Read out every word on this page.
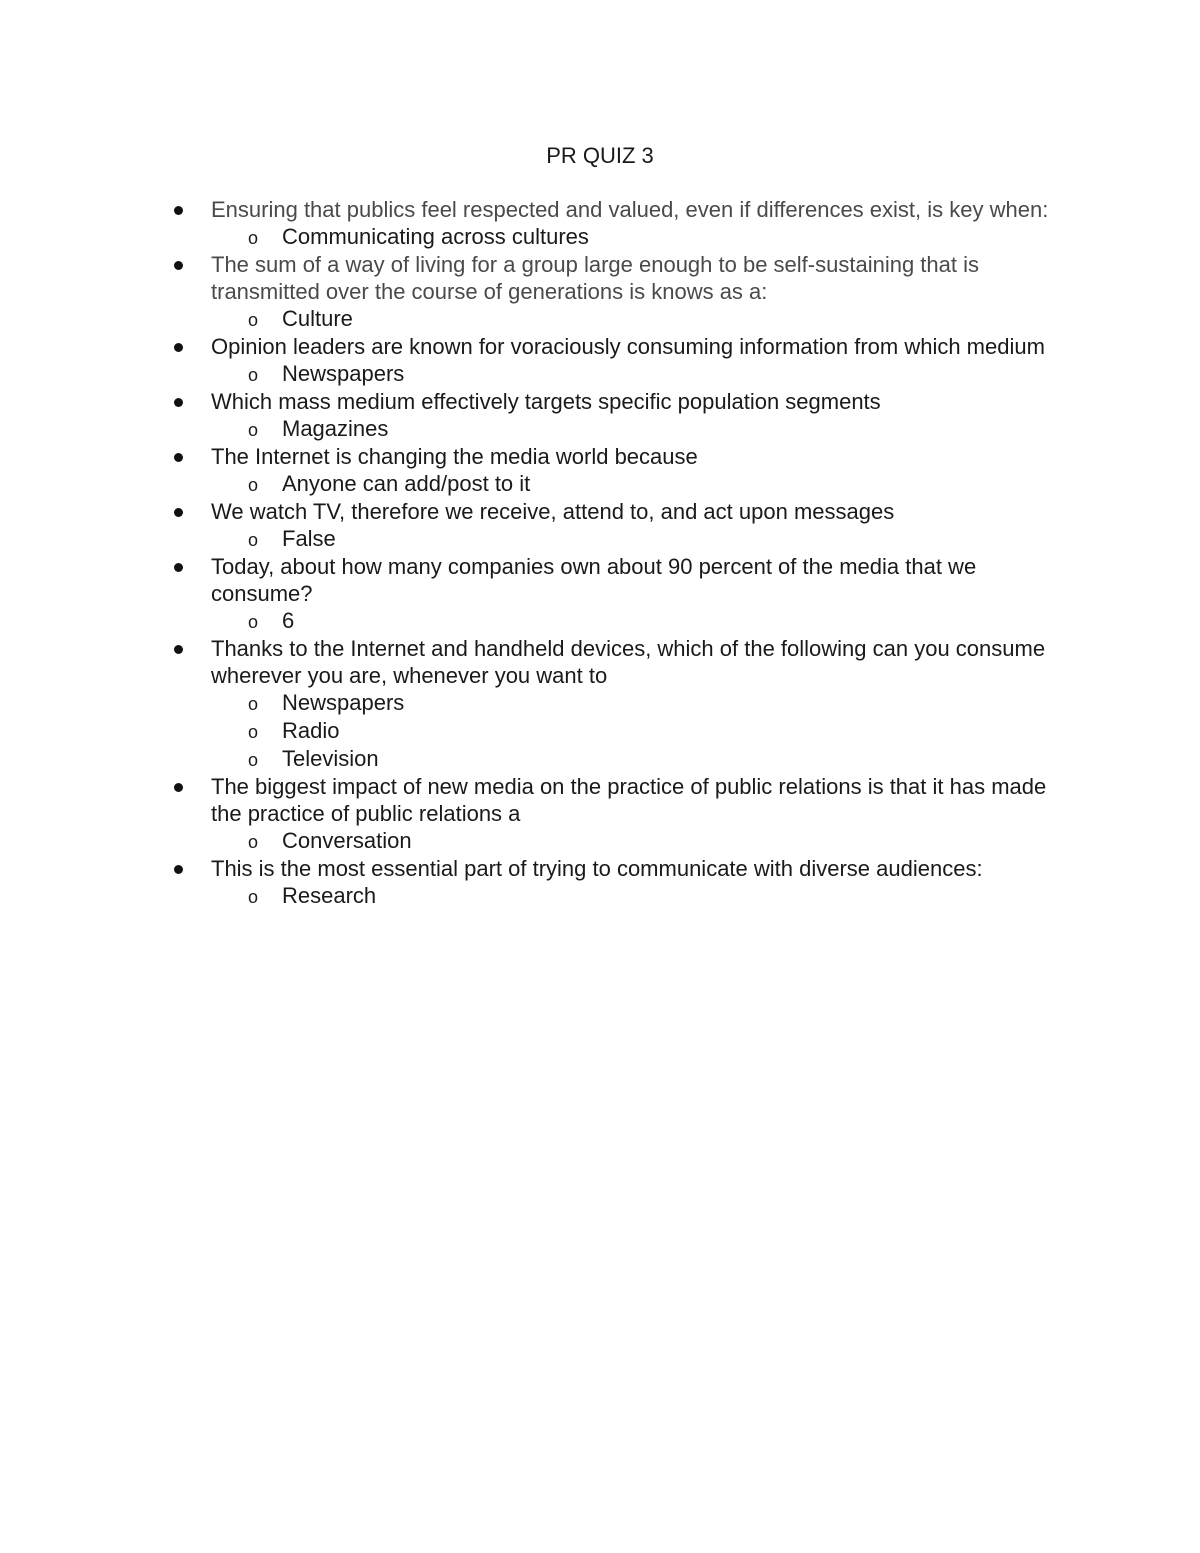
PR QUIZ 3
Ensuring that publics feel respected and valued, even if differences exist, is key when:
o Communicating across cultures
The sum of a way of living for a group large enough to be self-sustaining that is transmitted over the course of generations is knows as a:
o Culture
Opinion leaders are known for voraciously consuming information from which medium
o Newspapers
Which mass medium effectively targets specific population segments
o Magazines
The Internet is changing the media world because
o Anyone can add/post to it
We watch TV, therefore we receive, attend to, and act upon messages
o False
Today, about how many companies own about 90 percent of the media that we consume?
o 6
Thanks to the Internet and handheld devices, which of the following can you consume wherever you are, whenever you want to
o Newspapers
o Radio
o Television
The biggest impact of new media on the practice of public relations is that it has made the practice of public relations a
o Conversation
This is the most essential part of trying to communicate with diverse audiences:
o Research
